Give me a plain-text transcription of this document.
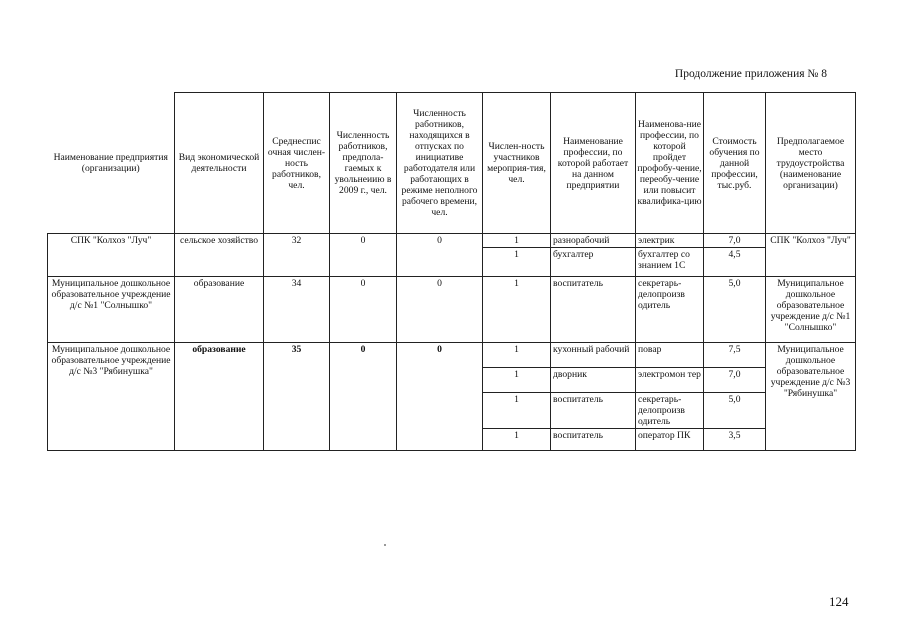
Продолжение приложения № 8
Наименование предприятия (организации)	Вид экономической деятельности	Среднеспис очная числен-ность работников, чел.	Численность работников, предпола-гаемых к увольнеиию в 2009 г., чел.	Численность работников, находящихся в отпусках по инициативе работодателя или работающих в режиме неполного рабочего времени, чел.	Числен-ность участников мероприя-тия, чел.	Наименование профессии, по которой работает на данном предприятии	Наименова-ние профессии, по которой пройдет профобу-чение, переобу-чение или повысит квалифика-цию	Стоимость обучения по данной профессии, тыс.руб.	Предполагаемое место трудоустройства (наименование организации)
СПК "Колхоз "Луч"	сельское хозяйство	32	0	0	1	разнорабочий	электрик	7,0	СПК "Колхоз "Луч"
					1	бухгалтер	бухгалтер со знанием 1С	4,5	
Муниципальное дошкольное образовательное учреждение д/с №1 "Солнышко"	образование	34	0	0	1	воспитатель	секретарь-делопроизв одитель	5,0	Муниципальное дошкольное образовательное учреждение д/с №1 "Солнышко"
Муниципальное дошкольное образовательное учреждение д/с №3 "Рябинушка"	образование	35	0	0	1	кухонный рабочий	повар	7,5	Муниципальное дошкольное образовательное учреждение д/с №3 "Рябинушка"
					1	дворник	электромон тер	7,0	
					1	воспитатель	секретарь-делопроизв одитель	5,0	
					1	воспитатель	оператор ПК	3,5	
124
